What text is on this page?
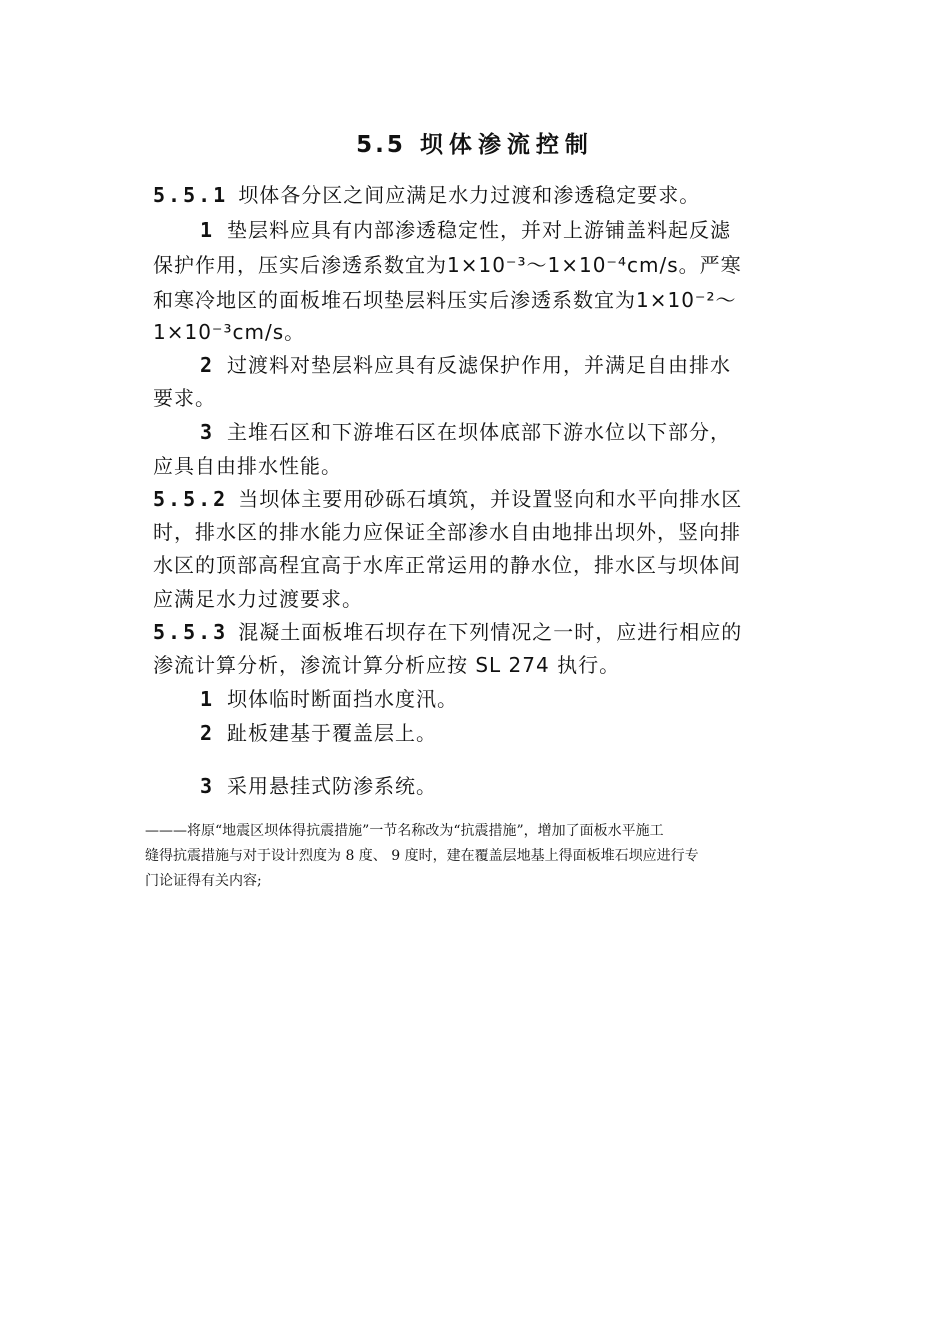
5.5 坝体渗流控制
5.5.1 坝体各分区之间应满足水力过渡和渗透稳定要求。
1 垫层料应具有内部渗透稳定性，并对上游铺盖料起反滤
保护作用，压实后渗透系数宜为1×10⁻³～1×10⁻⁴cm/s。严寒
和寒冷地区的面板堆石坝垫层料压实后渗透系数宜为1×10⁻²～
1×10⁻³cm/s。
2 过渡料对垫层料应具有反滤保护作用，并满足自由排水
要求。
3 主堆石区和下游堆石区在坝体底部下游水位以下部分，
应具自由排水性能。
5.5.2 当坝体主要用砂砾石填筑，并设置竖向和水平向排水区
时，排水区的排水能力应保证全部渗水自由地排出坝外，竖向排
水区的顶部高程宜高于水库正常运用的静水位，排水区与坝体间
应满足水力过渡要求。
5.5.3 混凝土面板堆石坝存在下列情况之一时，应进行相应的
渗流计算分析，渗流计算分析应按 SL 274 执行。
1 坝体临时断面挡水度汛。
2 趾板建基于覆盖层上。
3 采用悬挂式防渗系统。
———将原“地震区坝体得抗震措施”一节名称改为“抗震措施”，增加了面板水平施工
缝得抗震措施与对于设计烈度为 8 度、 9 度时，建在覆盖层地基上得面板堆石坝应进行专
门论证得有关内容;
